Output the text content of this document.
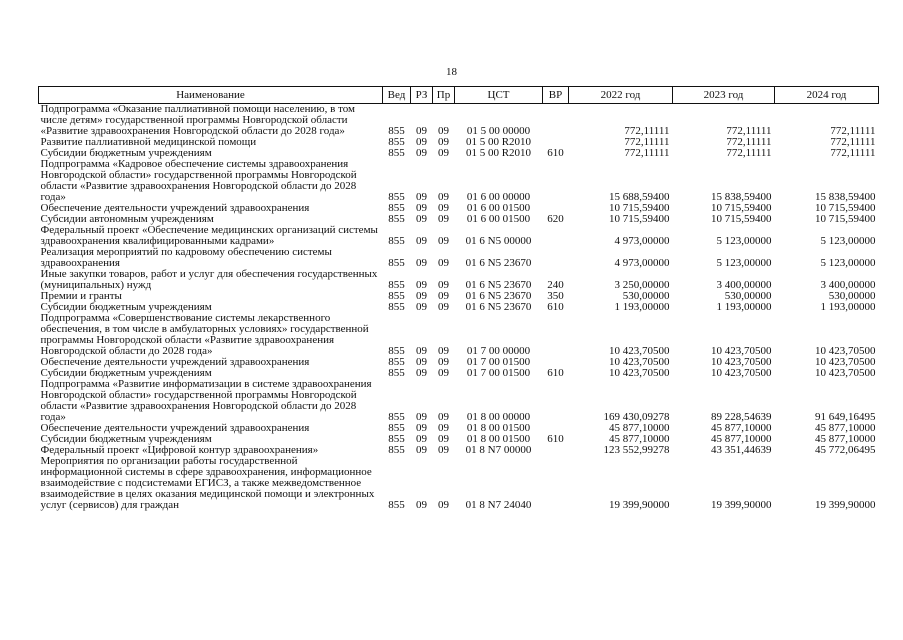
18
Наименование	Вед	РЗ	Пр	ЦСТ	ВР	2022 год	2023 год	2024 год
Подпрограмма «Оказание паллиативной помощи населению, в том числе детям» государственной программы Новгородской области «Развитие здравоохранения Новгородской области до 2028 года»	855	09	09	01 5 00 00000		772,11111	772,11111	772,11111
Развитие паллиативной медицинской помощи	855	09	09	01 5 00 R2010		772,11111	772,11111	772,11111
Субсидии бюджетным учреждениям	855	09	09	01 5 00 R2010	610	772,11111	772,11111	772,11111
Подпрограмма «Кадровое обеспечение системы здравоохранения Новгородской области» государственной программы Новгородской области «Развитие здравоохранения Новгородской области до 2028 года»	855	09	09	01 6 00 00000		15 688,59400	15 838,59400	15 838,59400
Обеспечение деятельности учреждений здравоохранения	855	09	09	01 6 00 01500		10 715,59400	10 715,59400	10 715,59400
Субсидии автономным учреждениям	855	09	09	01 6 00 01500	620	10 715,59400	10 715,59400	10 715,59400
Федеральный проект «Обеспечение медицинских организаций системы здравоохранения квалифицированными кадрами»	855	09	09	01 6 N5 00000		4 973,00000	5 123,00000	5 123,00000
Реализация мероприятий по кадровому обеспечению системы здравоохранения	855	09	09	01 6 N5 23670		4 973,00000	5 123,00000	5 123,00000
Иные закупки товаров, работ и услуг для обеспечения государственных (муниципальных) нужд	855	09	09	01 6 N5 23670	240	3 250,00000	3 400,00000	3 400,00000
Премии и гранты	855	09	09	01 6 N5 23670	350	530,00000	530,00000	530,00000
Субсидии бюджетным учреждениям	855	09	09	01 6 N5 23670	610	1 193,00000	1 193,00000	1 193,00000
Подпрограмма «Совершенствование системы лекарственного обеспечения, в том числе в амбулаторных условиях» государственной программы Новгородской области «Развитие здравоохранения Новгородской области до 2028 года»	855	09	09	01 7 00 00000		10 423,70500	10 423,70500	10 423,70500
Обеспечение деятельности учреждений здравоохранения	855	09	09	01 7 00 01500		10 423,70500	10 423,70500	10 423,70500
Субсидии бюджетным учреждениям	855	09	09	01 7 00 01500	610	10 423,70500	10 423,70500	10 423,70500
Подпрограмма «Развитие информатизации в системе здравоохранения Новгородской области» государственной программы Новгородской области «Развитие здравоохранения Новгородской области до 2028 года»	855	09	09	01 8 00 00000		169 430,09278	89 228,54639	91 649,16495
Обеспечение деятельности учреждений здравоохранения	855	09	09	01 8 00 01500		45 877,10000	45 877,10000	45 877,10000
Субсидии бюджетным учреждениям	855	09	09	01 8 00 01500	610	45 877,10000	45 877,10000	45 877,10000
Федеральный проект «Цифровой контур здравоохранения»	855	09	09	01 8 N7 00000		123 552,99278	43 351,44639	45 772,06495
Мероприятия по организации работы государственной информационной системы в сфере здравоохранения, информационное взаимодействие с подсистемами ЕГИСЗ, а также межведомственное взаимодействие в целях оказания медицинской помощи и электронных услуг (сервисов) для граждан	855	09	09	01 8 N7 24040		19 399,90000	19 399,90000	19 399,90000
